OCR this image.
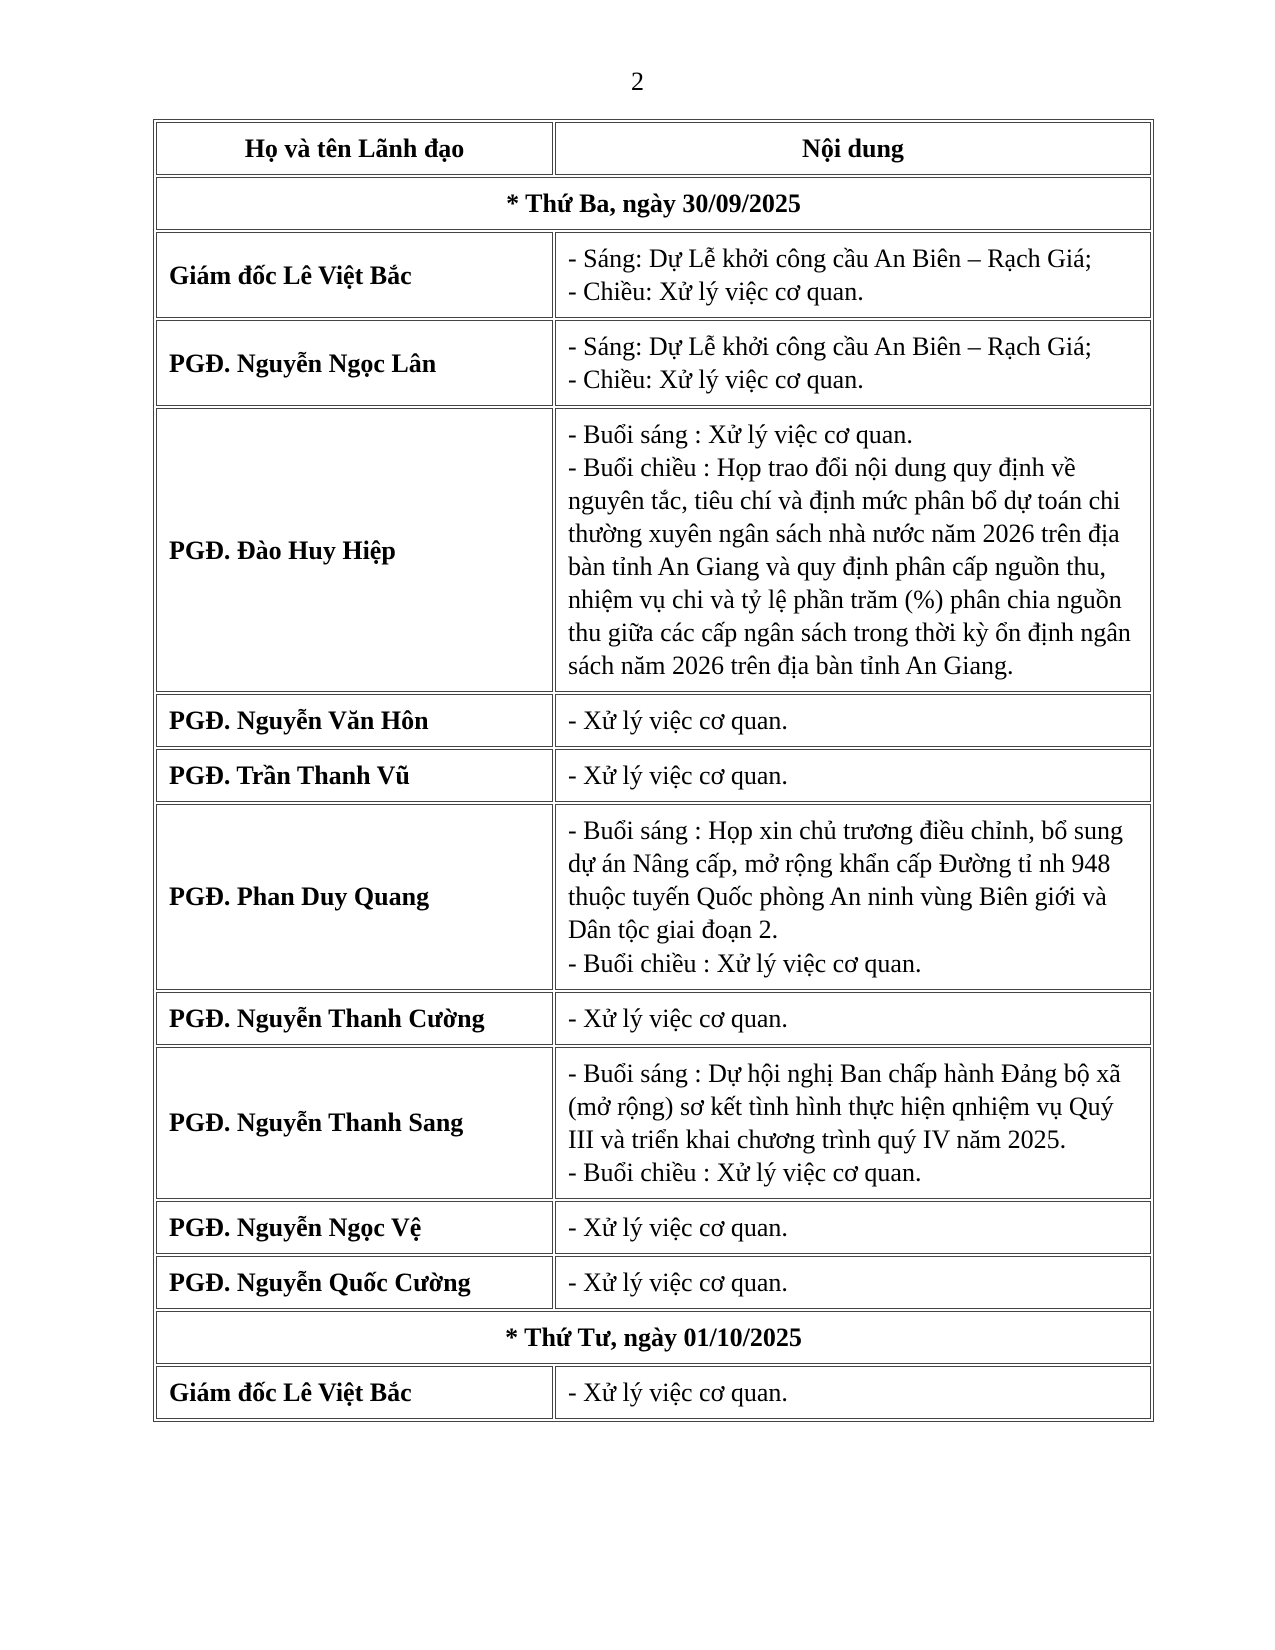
2
Họ và tên Lãnh đạo	Nội dung
* Thứ Ba, ngày 30/09/2025	
Giám đốc Lê Việt Bắc	- Sáng: Dự Lễ khởi công cầu An Biên – Rạch Giá;
- Chiều: Xử lý việc cơ quan.

PGĐ. Nguyễn Ngọc Lân	- Sáng: Dự Lễ khởi công cầu An Biên – Rạch Giá;
- Chiều: Xử lý việc cơ quan.

PGĐ. Đào Huy Hiệp	- Buổi sáng : Xử lý việc cơ quan.
- Buổi chiều : Họp trao đổi nội dung quy định về nguyên tắc, tiêu chí và định mức phân bổ dự toán chi thường xuyên ngân sách nhà nước năm 2026 trên địa bàn tỉnh An Giang và quy định phân cấp nguồn thu, nhiệm vụ chi và tỷ lệ phần trăm (%) phân chia nguồn thu giữa các cấp ngân sách trong thời kỳ ổn định ngân sách năm 2026 trên địa bàn tỉnh An Giang.

PGĐ. Nguyễn Văn Hôn	- Xử lý việc cơ quan.

PGĐ. Trần Thanh Vũ	- Xử lý việc cơ quan.

PGĐ. Phan Duy Quang	- Buổi sáng : Họp xin chủ trương điều chỉnh, bổ sung dự án Nâng cấp, mở rộng khẩn cấp Đường tỉ nh 948 thuộc tuyến Quốc phòng An ninh vùng Biên giới và Dân tộc giai đoạn 2.
- Buổi chiều : Xử lý việc cơ quan.

PGĐ. Nguyễn Thanh Cường	- Xử lý việc cơ quan.

PGĐ. Nguyễn Thanh Sang	- Buổi sáng : Dự hội nghị Ban chấp hành Đảng bộ xã (mở rộng) sơ kết tình hình thực hiện qnhiệm vụ Quý III và triển khai chương trình quý IV năm 2025.
- Buổi chiều : Xử lý việc cơ quan.

PGĐ. Nguyễn Ngọc Vệ	- Xử lý việc cơ quan.

PGĐ. Nguyễn Quốc Cường	- Xử lý việc cơ quan.

* Thứ Tư, ngày 01/10/2025	
Giám đốc Lê Việt Bắc	- Xử lý việc cơ quan.
